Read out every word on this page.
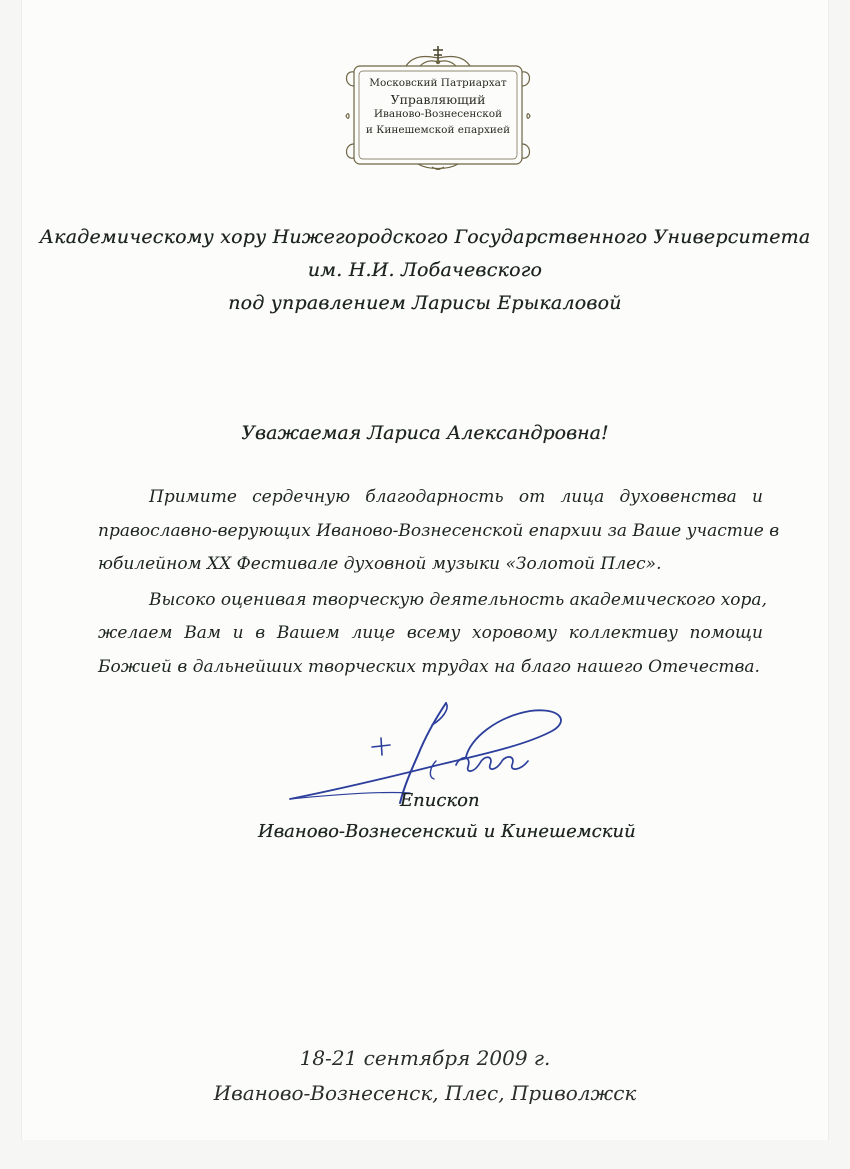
Московский Патриархат
Управляющий
Иваново-Вознесенской
и Кинешемской епархией
Академическому хору Нижегородского Государственного Университета
им. Н.И. Лобачевского
под управлением Ларисы Ерыкаловой
Уважаемая Лариса Александровна!
Примите сердечную благодарность от лица духовенства и
православно-верующих Иваново-Вознесенской епархии за Ваше участие в
юбилейном XX Фестивале духовной музыки «Золотой Плес».
Высоко оценивая творческую деятельность академического хора,
желаем Вам и в Вашем лице всему хоровому коллективу помощи
Божией в дальнейших творческих трудах на благо нашего Отечества.
Епископ
Иваново-Вознесенский и Кинешемский
18-21 сентября 2009 г.
Иваново-Вознесенск, Плес, Приволжск
